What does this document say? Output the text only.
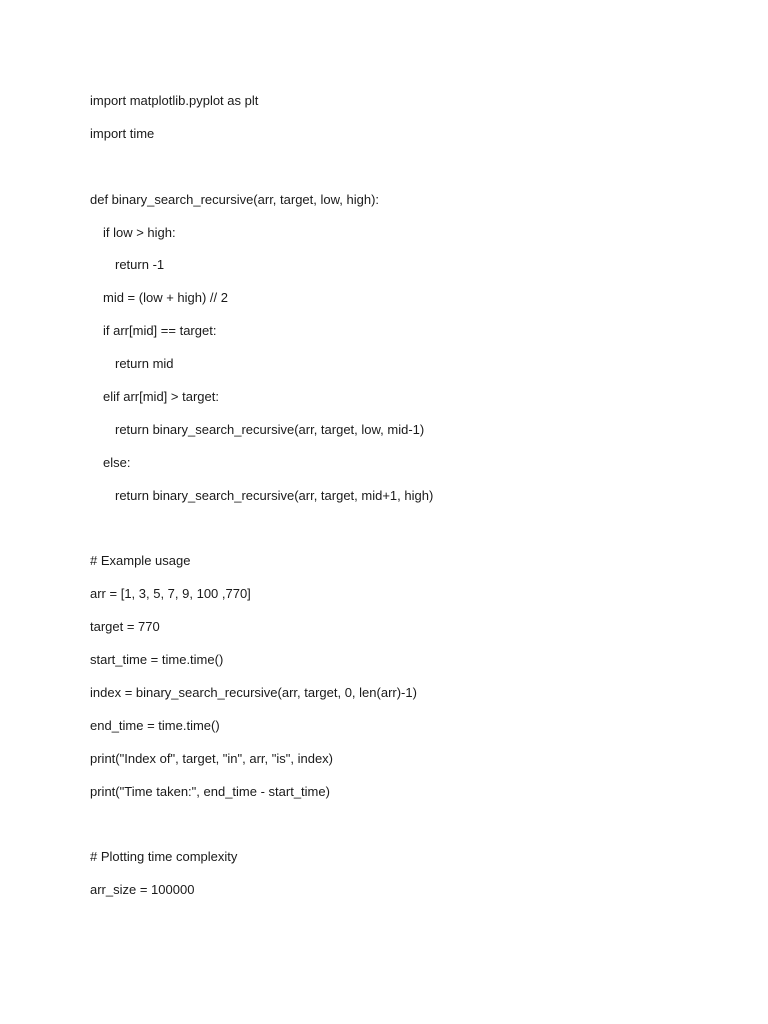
import matplotlib.pyplot as plt
import time
def binary_search_recursive(arr, target, low, high):
if low > high:
return -1
mid = (low + high) // 2
if arr[mid] == target:
return mid
elif arr[mid] > target:
return binary_search_recursive(arr, target, low, mid-1)
else:
return binary_search_recursive(arr, target, mid+1, high)
# Example usage
arr = [1, 3, 5, 7, 9, 100 ,770]
target = 770
start_time = time.time()
index = binary_search_recursive(arr, target, 0, len(arr)-1)
end_time = time.time()
print("Index of", target, "in", arr, "is", index)
print("Time taken:", end_time - start_time)
# Plotting time complexity
arr_size = 100000
